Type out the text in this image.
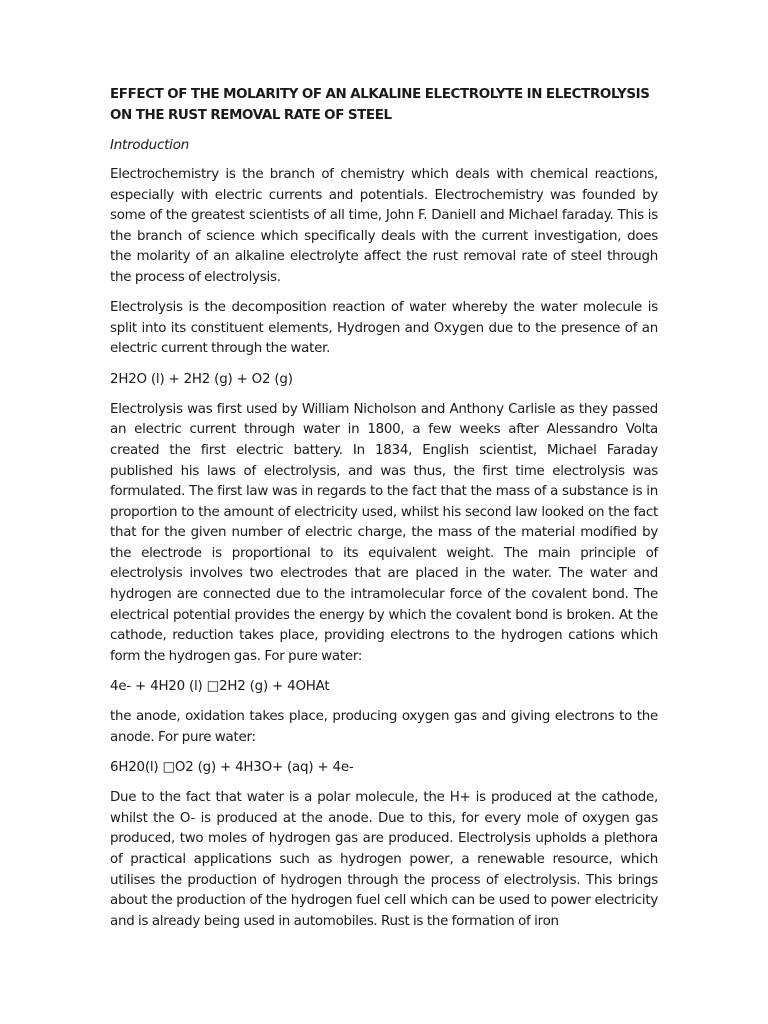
EFFECT OF THE MOLARITY OF AN ALKALINE ELECTROLYTE IN ELECTROLYSIS ON THE RUST REMOVAL RATE OF STEEL

Introduction

Electrochemistry is the branch of chemistry which deals with chemical reactions, especially with electric currents and potentials. Electrochemistry was founded by some of the greatest scientists of all time, John F. Daniell and Michael faraday. This is the branch of science which specifically deals with the current investigation, does the molarity of an alkaline electrolyte affect the rust removal rate of steel through the process of electrolysis.

Electrolysis is the decomposition reaction of water whereby the water molecule is split into its constituent elements, Hydrogen and Oxygen due to the presence of an electric current through the water.

2H2O (l) + 2H2 (g) + O2 (g)

Electrolysis was first used by William Nicholson and Anthony Carlisle as they passed an electric current through water in 1800, a few weeks after Alessandro Volta created the first electric battery. In 1834, English scientist, Michael Faraday published his laws of electrolysis, and was thus, the first time electrolysis was formulated. The first law was in regards to the fact that the mass of a substance is in proportion to the amount of electricity used, whilst his second law looked on the fact that for the given number of electric charge, the mass of the material modified by the electrode is proportional to its equivalent weight. The main principle of electrolysis involves two electrodes that are placed in the water. The water and hydrogen are connected due to the intramolecular force of the covalent bond. The electrical potential provides the energy by which the covalent bond is broken. At the cathode, reduction takes place, providing electrons to the hydrogen cations which form the hydrogen gas. For pure water:

4e- + 4H20 (l) □2H2 (g) + 4OHAt

the anode, oxidation takes place, producing oxygen gas and giving electrons to the anode. For pure water:

6H20(l) □O2 (g) + 4H3O+ (aq) + 4e-

Due to the fact that water is a polar molecule, the H+ is produced at the cathode, whilst the O- is produced at the anode. Due to this, for every mole of oxygen gas produced, two moles of hydrogen gas are produced. Electrolysis upholds a plethora of practical applications such as hydrogen power, a renewable resource, which utilises the production of hydrogen through the process of electrolysis. This brings about the production of the hydrogen fuel cell which can be used to power electricity and is already being used in automobiles. Rust is the formation of iron
